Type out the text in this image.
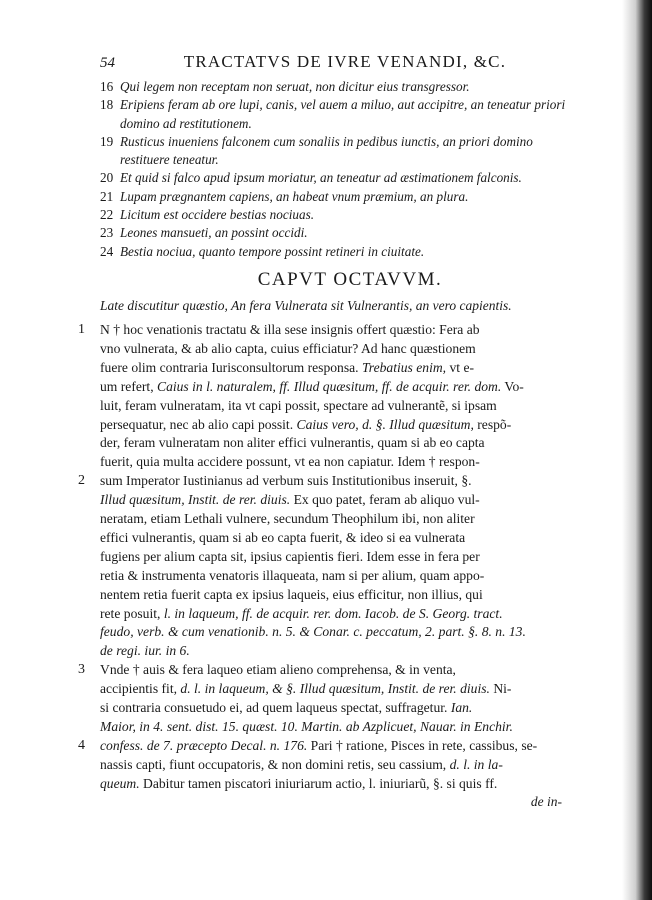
54	TRACTATVS DE IVRE VENANDI, &C.
16 Qui legem non receptam non seruat, non dicitur eius transgressor.
18 Eripiens feram ab ore lupi, canis, vel auem a miluo, aut accipitre, an teneatur priori domino ad restitutionem.
19 Rusticus inueniens falconem cum sonaliis in pedibus iunctis, an priori domino restituere teneatur.
20 Et quid si falco apud ipsum moriatur, an teneatur ad æstimationem falconis.
21 Lupam prægnantem capiens, an habeat vnum præmium, an plura.
22 Licitum est occidere bestias nociuas.
23 Leones mansueti, an possint occidi.
24 Bestia nociua, quanto tempore possint retineri in ciuitate.
CAPVT OCTAVVM.
Late discutitur quæstio, An fera Vulnerata sit Vulnerantis, an vero capientis.
1 N † hoc venationis tractatu & illa sese insignis offert quæstio: Fera ab
vno vulnerata, & ab alio capta, cuius efficiatur? Ad hanc quæstionem
fuere olim contraria Iurisconsultorum responsa. Trebatius enim, vt e-
um refert, Caius in l. naturalem, ff. Illud quæsitum, ff. de acquir. rer. dom. Vo-
luit, feram vulneratam, ita vt capi possit, spectare ad vulnerantẽ, si ipsam
persequatur, nec ab alio capi possit. Caius vero, d. §. Illud quæsitum, respõ-
der, feram vulneratam non aliter effici vulnerantis, quam si ab eo capta
fuerit, quia multa accidere possunt, vt ea non capiatur. Idem † respon-
2 sum Imperator Iustinianus ad verbum suis Institutionibus inseruit, §.
Illud quæsitum, Instit. de rer. diuis. Ex quo patet, feram ab aliquo vul-
neratam, etiam Lethali vulnere, secundum Theophilum ibi, non aliter
effici vulnerantis, quam si ab eo capta fuerit, & ideo si ea vulnerata
fugiens per alium capta sit, ipsius capientis fieri. Idem esse in fera per
retia & instrumenta venatoris illaqueata, nam si per alium, quam appo-
nentem retia fuerit capta ex ipsius laqueis, eius efficitur, non illius, qui
rete posuit, l. in laqueum, ff. de acquir. rer. dom. Iacob. de S. Georg. tract.
feudo, verb. & cum venationib. n. 5. & Conar. c. peccatum, 2. part. §. 8. n. 13.
de regi. iur. in 6.
3 Vnde † auis & fera laqueo etiam alieno comprehensa, & in venta,
accipientis fit, d. l. in laqueum, & §. Illud quæsitum, Instit. de rer. diuis. Ni-
si contraria consuetudo ei, ad quem laqueus spectat, suffragetur. Ian.
Maior, in 4. sent. dist. 15. quæst. 10. Martin. ab Azplicuet, Nauar. in Enchir.
4 confess. de 7. præcepto Decal. n. 176. Pari † ratione, Pisces in rete, cassibus, se-
nassis capti, fiunt occupatoris, & non domini retis, seu cassium, d. l. in la-
queum. Dabitur tamen piscatori iniuriarum actio, l. iniuriarũ, §. si quis ff.
de in-
